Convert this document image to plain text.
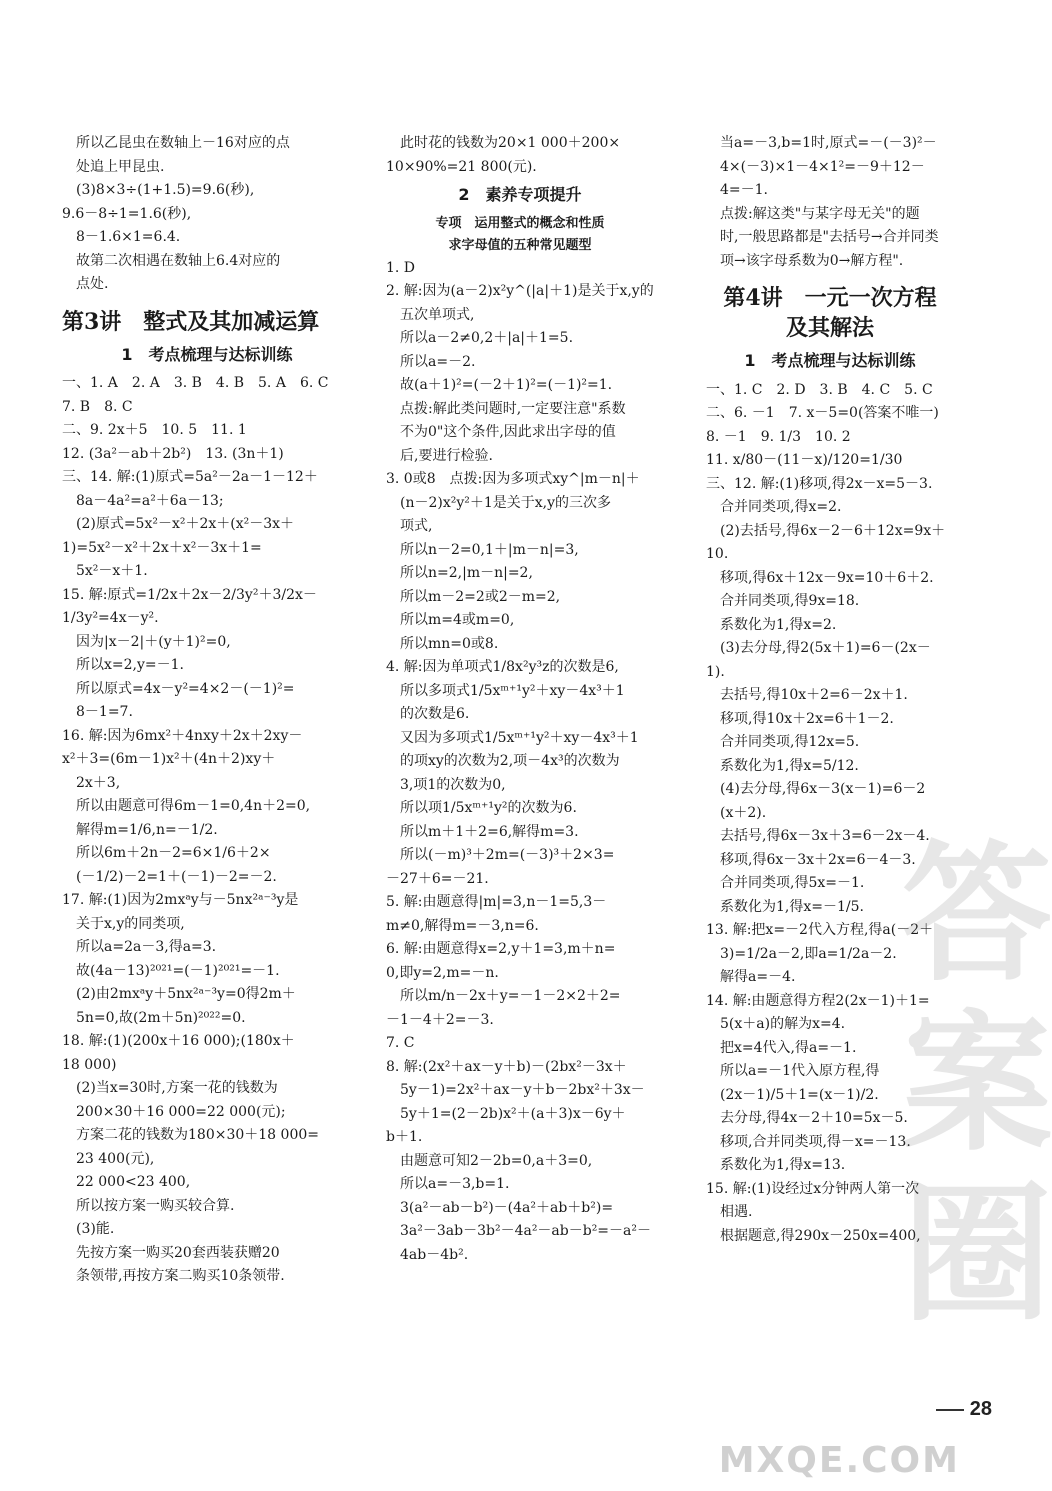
所以乙昆虫在数轴上－16对应的点

处追上甲昆虫.

(3)8×3÷(1+1.5)=9.6(秒),

9.6－8÷1=1.6(秒),

8－1.6×1=6.4.

故第二次相遇在数轴上6.4对应的

点处.

第3讲　整式及其加减运算
1　考点梳理与达标训练

一、1. A　2. A　3. B　4. B　5. A　6. C

7. B　8. C

二、9. 2x＋5　10. 5　11. 1

12. (3a²－ab＋2b²)　13. (3n＋1)

三、14. 解:(1)原式=5a²－2a－1－12＋

8a－4a²=a²＋6a－13;

(2)原式=5x²－x²＋2x＋(x²－3x＋

1)=5x²－x²＋2x＋x²－3x＋1=

5x²－x＋1.

15. 解:原式=1/2x＋2x－2/3y²＋3/2x－

1/3y²=4x－y².

因为|x－2|＋(y＋1)²=0,

所以x=2,y=－1.

所以原式=4x－y²=4×2－(－1)²=

8－1=7.

16. 解:因为6mx²＋4nxy＋2x＋2xy－

x²＋3=(6m－1)x²＋(4n＋2)xy＋

2x＋3,

所以由题意可得6m－1=0,4n＋2=0,

解得m=1/6,n=－1/2.

所以6m＋2n－2=6×1/6＋2×

(－1/2)－2=1＋(－1)－2=－2.

17. 解:(1)因为2mxᵃy与－5nx²ᵃ⁻³y是

关于x,y的同类项,

所以a=2a－3,得a=3.

故(4a－13)²⁰²¹=(－1)²⁰²¹=－1.

(2)由2mxᵃy＋5nx²ᵃ⁻³y=0得2m＋

5n=0,故(2m＋5n)²⁰²²=0.

18. 解:(1)(200x＋16 000);(180x＋

18 000)

(2)当x=30时,方案一花的钱数为

200×30＋16 000=22 000(元);

方案二花的钱数为180×30＋18 000=

23 400(元),

22 000<23 400,

所以按方案一购买较合算.

(3)能.

先按方案一购买20套西装获赠20

条领带,再按方案二购买10条领带.

此时花的钱数为20×1 000＋200×

10×90%=21 800(元).

2　素养专项提升
专项　运用整式的概念和性质
求字母值的五种常见题型

1. D

2. 解:因为(a－2)x²y^(|a|＋1)是关于x,y的

五次单项式,

所以a－2≠0,2＋|a|＋1=5.

所以a=－2.

故(a＋1)²=(－2＋1)²=(－1)²=1.

点拨:解此类问题时,一定要注意"系数

不为0"这个条件,因此求出字母的值

后,要进行检验.

3. 0或8　点拨:因为多项式xy^|m－n|＋

(n－2)x²y²＋1是关于x,y的三次多

项式,

所以n－2=0,1＋|m－n|=3,

所以n=2,|m－n|=2,

所以m－2=2或2－m=2,

所以m=4或m=0,

所以mn=0或8.

4. 解:因为单项式1/8x²y³z的次数是6,

所以多项式1/5xᵐ⁺¹y²＋xy－4x³＋1

的次数是6.

又因为多项式1/5xᵐ⁺¹y²＋xy－4x³＋1

的项xy的次数为2,项－4x³的次数为

3,项1的次数为0,

所以项1/5xᵐ⁺¹y²的次数为6.

所以m＋1＋2=6,解得m=3.

所以(－m)³＋2m=(－3)³＋2×3=

－27＋6=－21.

5. 解:由题意得|m|=3,n－1=5,3－

m≠0,解得m=－3,n=6.

6. 解:由题意得x=2,y＋1=3,m＋n=

0,即y=2,m=－n.

所以m/n－2x＋y=－1－2×2＋2=

－1－4＋2=－3.

7. C

8. 解:(2x²＋ax－y＋b)－(2bx²－3x＋

5y－1)=2x²＋ax－y＋b－2bx²＋3x－

5y＋1=(2－2b)x²＋(a＋3)x－6y＋

b＋1.

由题意可知2－2b=0,a＋3=0,

所以a=－3,b=1.

3(a²－ab－b²)－(4a²＋ab＋b²)=

3a²－3ab－3b²－4a²－ab－b²=－a²－

4ab－4b².

当a=－3,b=1时,原式=－(－3)²－

4×(－3)×1－4×1²=－9＋12－

4=－1.

点拨:解这类"与某字母无关"的题

时,一般思路都是"去括号→合并同类

项→该字母系数为0→解方程".

第4讲　一元一次方程
及其解法
1　考点梳理与达标训练

一、1. C　2. D　3. B　4. C　5. C

二、6. －1　7. x－5=0(答案不唯一)

8. －1　9. 1/3　10. 2

11. x/80－(11－x)/120=1/30

三、12. 解:(1)移项,得2x－x=5－3.

合并同类项,得x=2.

(2)去括号,得6x－2－6＋12x=9x＋

10.

移项,得6x＋12x－9x=10＋6＋2.

合并同类项,得9x=18.

系数化为1,得x=2.

(3)去分母,得2(5x＋1)=6－(2x－

1).

去括号,得10x＋2=6－2x＋1.

移项,得10x＋2x=6＋1－2.

合并同类项,得12x=5.

系数化为1,得x=5/12.

(4)去分母,得6x－3(x－1)=6－2

(x＋2).

去括号,得6x－3x＋3=6－2x－4.

移项,得6x－3x＋2x=6－4－3.

合并同类项,得5x=－1.

系数化为1,得x=－1/5.

13. 解:把x=－2代入方程,得a(－2＋

3)=1/2a－2,即a=1/2a－2.

解得a=－4.

14. 解:由题意得方程2(2x－1)＋1=

5(x＋a)的解为x=4.

把x=4代入,得a=－1.

所以a=－1代入原方程,得

(2x－1)/5＋1=(x－1)/2.

去分母,得4x－2＋10=5x－5.

移项,合并同类项,得－x=－13.

系数化为1,得x=13.

15. 解:(1)设经过x分钟两人第一次

相遇.

根据题意,得290x－250x=400,

28
答案圈
MXQE.COM
